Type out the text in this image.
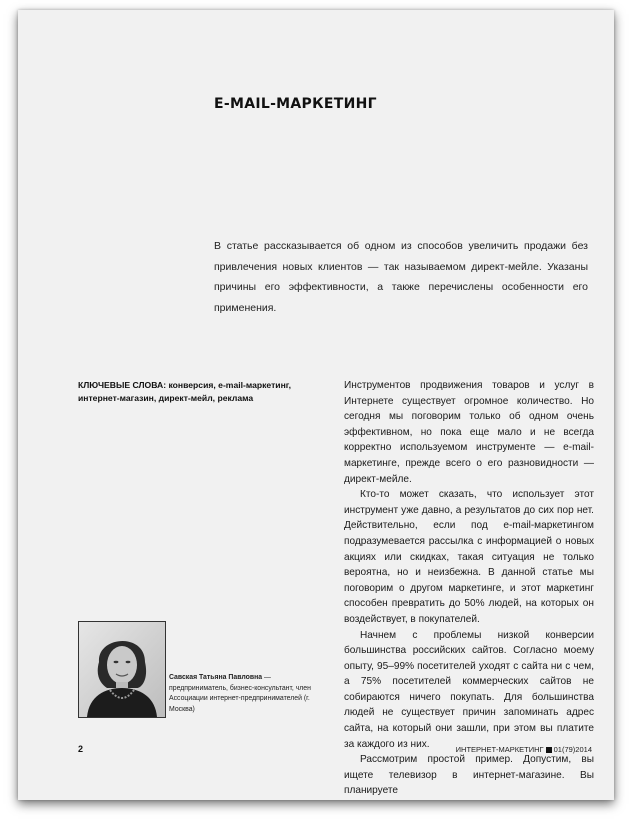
E-MAIL-МАРКЕТИНГ

В статье рассказывается об одном из способов увеличить продажи без привлечения новых клиентов — так называемом директ-мейле. Указаны причины его эффективности, а также перечислены особенности его применения.

КЛЮЧЕВЫЕ СЛОВА: конверсия, e-mail-маркетинг, интернет-магазин, директ-мейл, реклама

Инструментов продвижения товаров и услуг в Интернете существует огромное количество. Но сегодня мы поговорим только об одном очень эффективном, но пока еще мало и не всегда корректно используемом инструменте — e-mail-маркетинге, прежде всего о его разновидности — директ-мейле.

Кто-то может сказать, что использует этот инструмент уже давно, а результатов до сих пор нет. Действительно, если под e-mail-маркетингом подразумевается рассылка с информацией о новых акциях или скидках, такая ситуация не только вероятна, но и неизбежна. В данной статье мы поговорим о другом маркетинге, и этот маркетинг способен превратить до 50% людей, на которых он воздействует, в покупателей.

Начнем с проблемы низкой конверсии большинства российских сайтов. Согласно моему опыту, 95–99% посетителей уходят с сайта ни с чем, а 75% посетителей коммерческих сайтов не собираются ничего покупать. Для большинства людей не существует причин запоминать адрес сайта, на который они зашли, при этом вы платите за каждого из них.

Рассмотрим простой пример. Допустим, вы ищете телевизор в интернет-магазине. Вы планируете

Савская Татьяна Павловна — предприниматель, бизнес-консультант, член Ассоциации интернет-предпринимателей (г. Москва)

2	ИНТЕРНЕТ-МАРКЕТИНГ 01(79)2014
